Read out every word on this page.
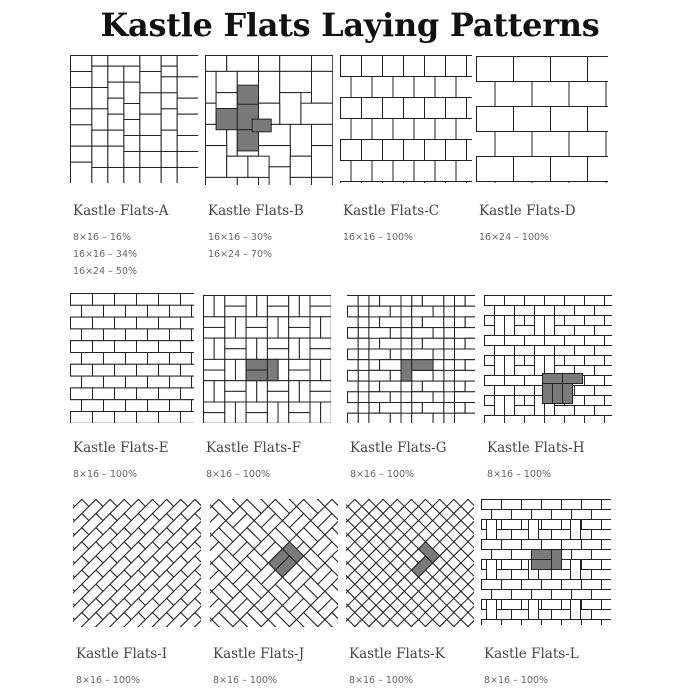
Kastle Flats Laying Patterns
Kastle Flats-A
8×16 – 16%
16×16 – 34%
16×24 – 50%
Kastle Flats-B
16×16 – 30%
16×24 – 70%
Kastle Flats-C
16×16 – 100%
Kastle Flats-D
16×24 – 100%
Kastle Flats-E
8×16 – 100%
Kastle Flats-F
8×16 – 100%
Kastle Flats-G
8×16 – 100%
Kastle Flats-H
8×16 – 100%
Kastle Flats-I
8×16 – 100%
Kastle Flats-J
8×16 – 100%
Kastle Flats-K
8×16 – 100%
Kastle Flats-L
8×16 – 100%
